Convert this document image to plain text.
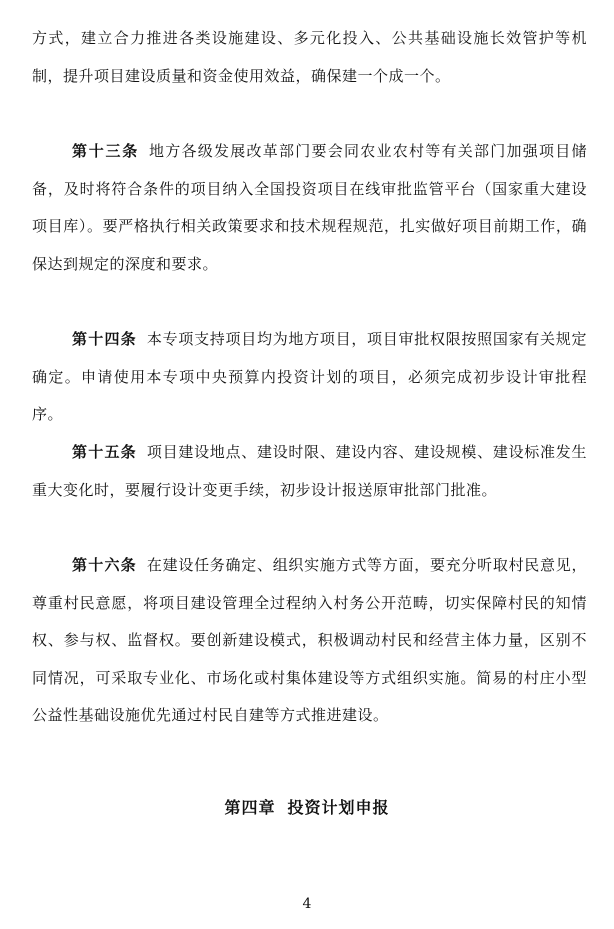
方式，建立合力推进各类设施建设、多元化投入、公共基础设施长效管护等机制，提升项目建设质量和资金使用效益，确保建一个成一个。

第十三条 地方各级发展改革部门要会同农业农村等有关部门加强项目储备，及时将符合条件的项目纳入全国投资项目在线审批监管平台（国家重大建设项目库）。要严格执行相关政策要求和技术规程规范，扎实做好项目前期工作，确保达到规定的深度和要求。

第十四条 本专项支持项目均为地方项目，项目审批权限按照国家有关规定确定。申请使用本专项中央预算内投资计划的项目，必须完成初步设计审批程序。

第十五条 项目建设地点、建设时限、建设内容、建设规模、建设标准发生重大变化时，要履行设计变更手续，初步设计报送原审批部门批准。

第十六条 在建设任务确定、组织实施方式等方面，要充分听取村民意见，尊重村民意愿，将项目建设管理全过程纳入村务公开范畴，切实保障村民的知情权、参与权、监督权。要创新建设模式，积极调动村民和经营主体力量，区别不同情况，可采取专业化、市场化或村集体建设等方式组织实施。简易的村庄小型公益性基础设施优先通过村民自建等方式推进建设。

第四章 投资计划申报
4
